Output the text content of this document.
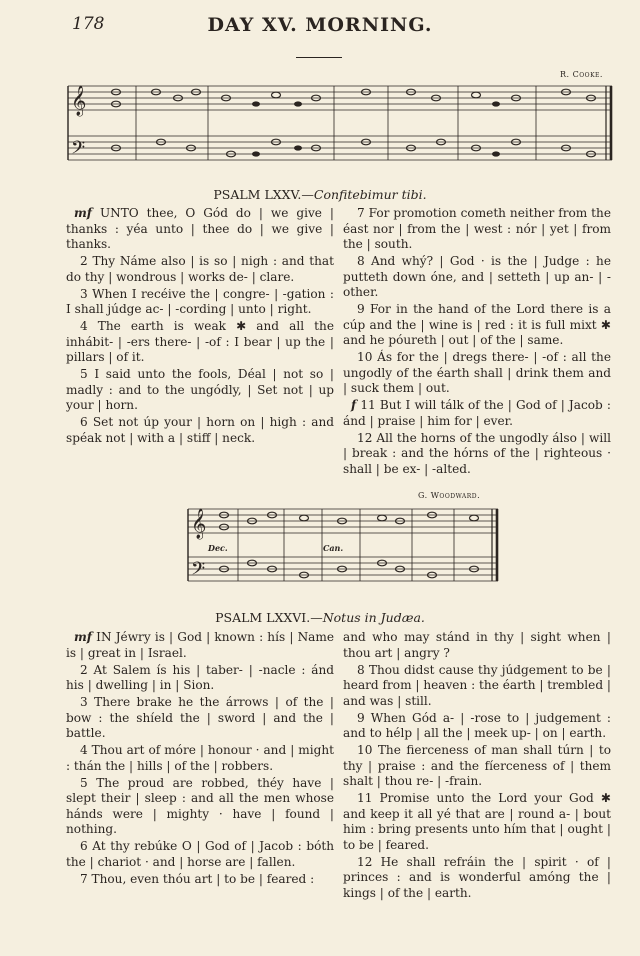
178	DAY XV. MORNING.
R. Cooke.
𝄞
𝄢
PSALM LXXV.—Confitebimur tibi.

mf UNTO thee, O Gód do | we give | thanks : yéa unto | thee do | we give | thanks.

2 Thy Náme also | is so | nigh : and that do thy | wondrous | works de- | clare.

3 When I recéive the | congre- | -gation : I shall júdge ac- | -cording | unto | right.

4 The earth is weak ✱ and all the inhábit- | -ers there- | -of : I bear | up the | pillars | of it.

5 I said unto the fools, Déal | not so | madly : and to the ungódly, | Set not | up your | horn.

6 Set not úp your | horn on | high : and spéak not | with a | stiff | neck.

7 For promotion cometh neither from the éast nor | from the | west : nór | yet | from the | south.

8 And whý? | God · is the | Judge : he putteth down óne, and | setteth | up an- | -other.

9 For in the hand of the Lord there is a cúp and the | wine is | red : it is full mixt ✱ and he póureth | out | of the | same.

10 Ás for the | dregs there- | -of : all the ungodly of the éarth shall | drink them and | suck them | out.

f 11 But I will tálk of the | God of | Jacob : ánd | praise | him for | ever.

12 All the horns of the ungodly álso | will | break : and the hórns of the | righteous · shall | be ex- | -alted.

G. Woodward.
𝄞
𝄢
Dec.	Can.
PSALM LXXVI.—Notus in Judæa.

mf IN Jéwry is | God | known : hís | Name is | great in | Israel.

2 At Salem ís his | taber- | -nacle : ánd his | dwelling | in | Sion.

3 There brake he the árrows | of the | bow : the shíeld the | sword | and the | battle.

4 Thou art of móre | honour · and | might : thán the | hills | of the | robbers.

5 The proud are robbed, théy have | slept their | sleep : and all the men whose hánds were | mighty · have | found | nothing.

6 At thy rebúke O | God of | Jacob : bóth the | chariot · and | horse are | fallen.

7 Thou, even thóu art | to be | feared :

and who may stánd in thy | sight when | thou art | angry ?

8 Thou didst cause thy júdgement to be | heard from | heaven : the éarth | trembled | and was | still.

9 When Gód a- | -rose to | judgement : and to hélp | all the | meek up- | on | earth.

10 The fierceness of man shall túrn | to thy | praise : and the fíerceness of | them shalt | thou re- | -frain.

11 Promise unto the Lord your God ✱ and keep it all yé that are | round a- | bout him : bring presents unto hím that | ought | to be | feared.

12 He shall refráin the | spirit · of | princes : and is wonderful amóng the | kings | of the | earth.
